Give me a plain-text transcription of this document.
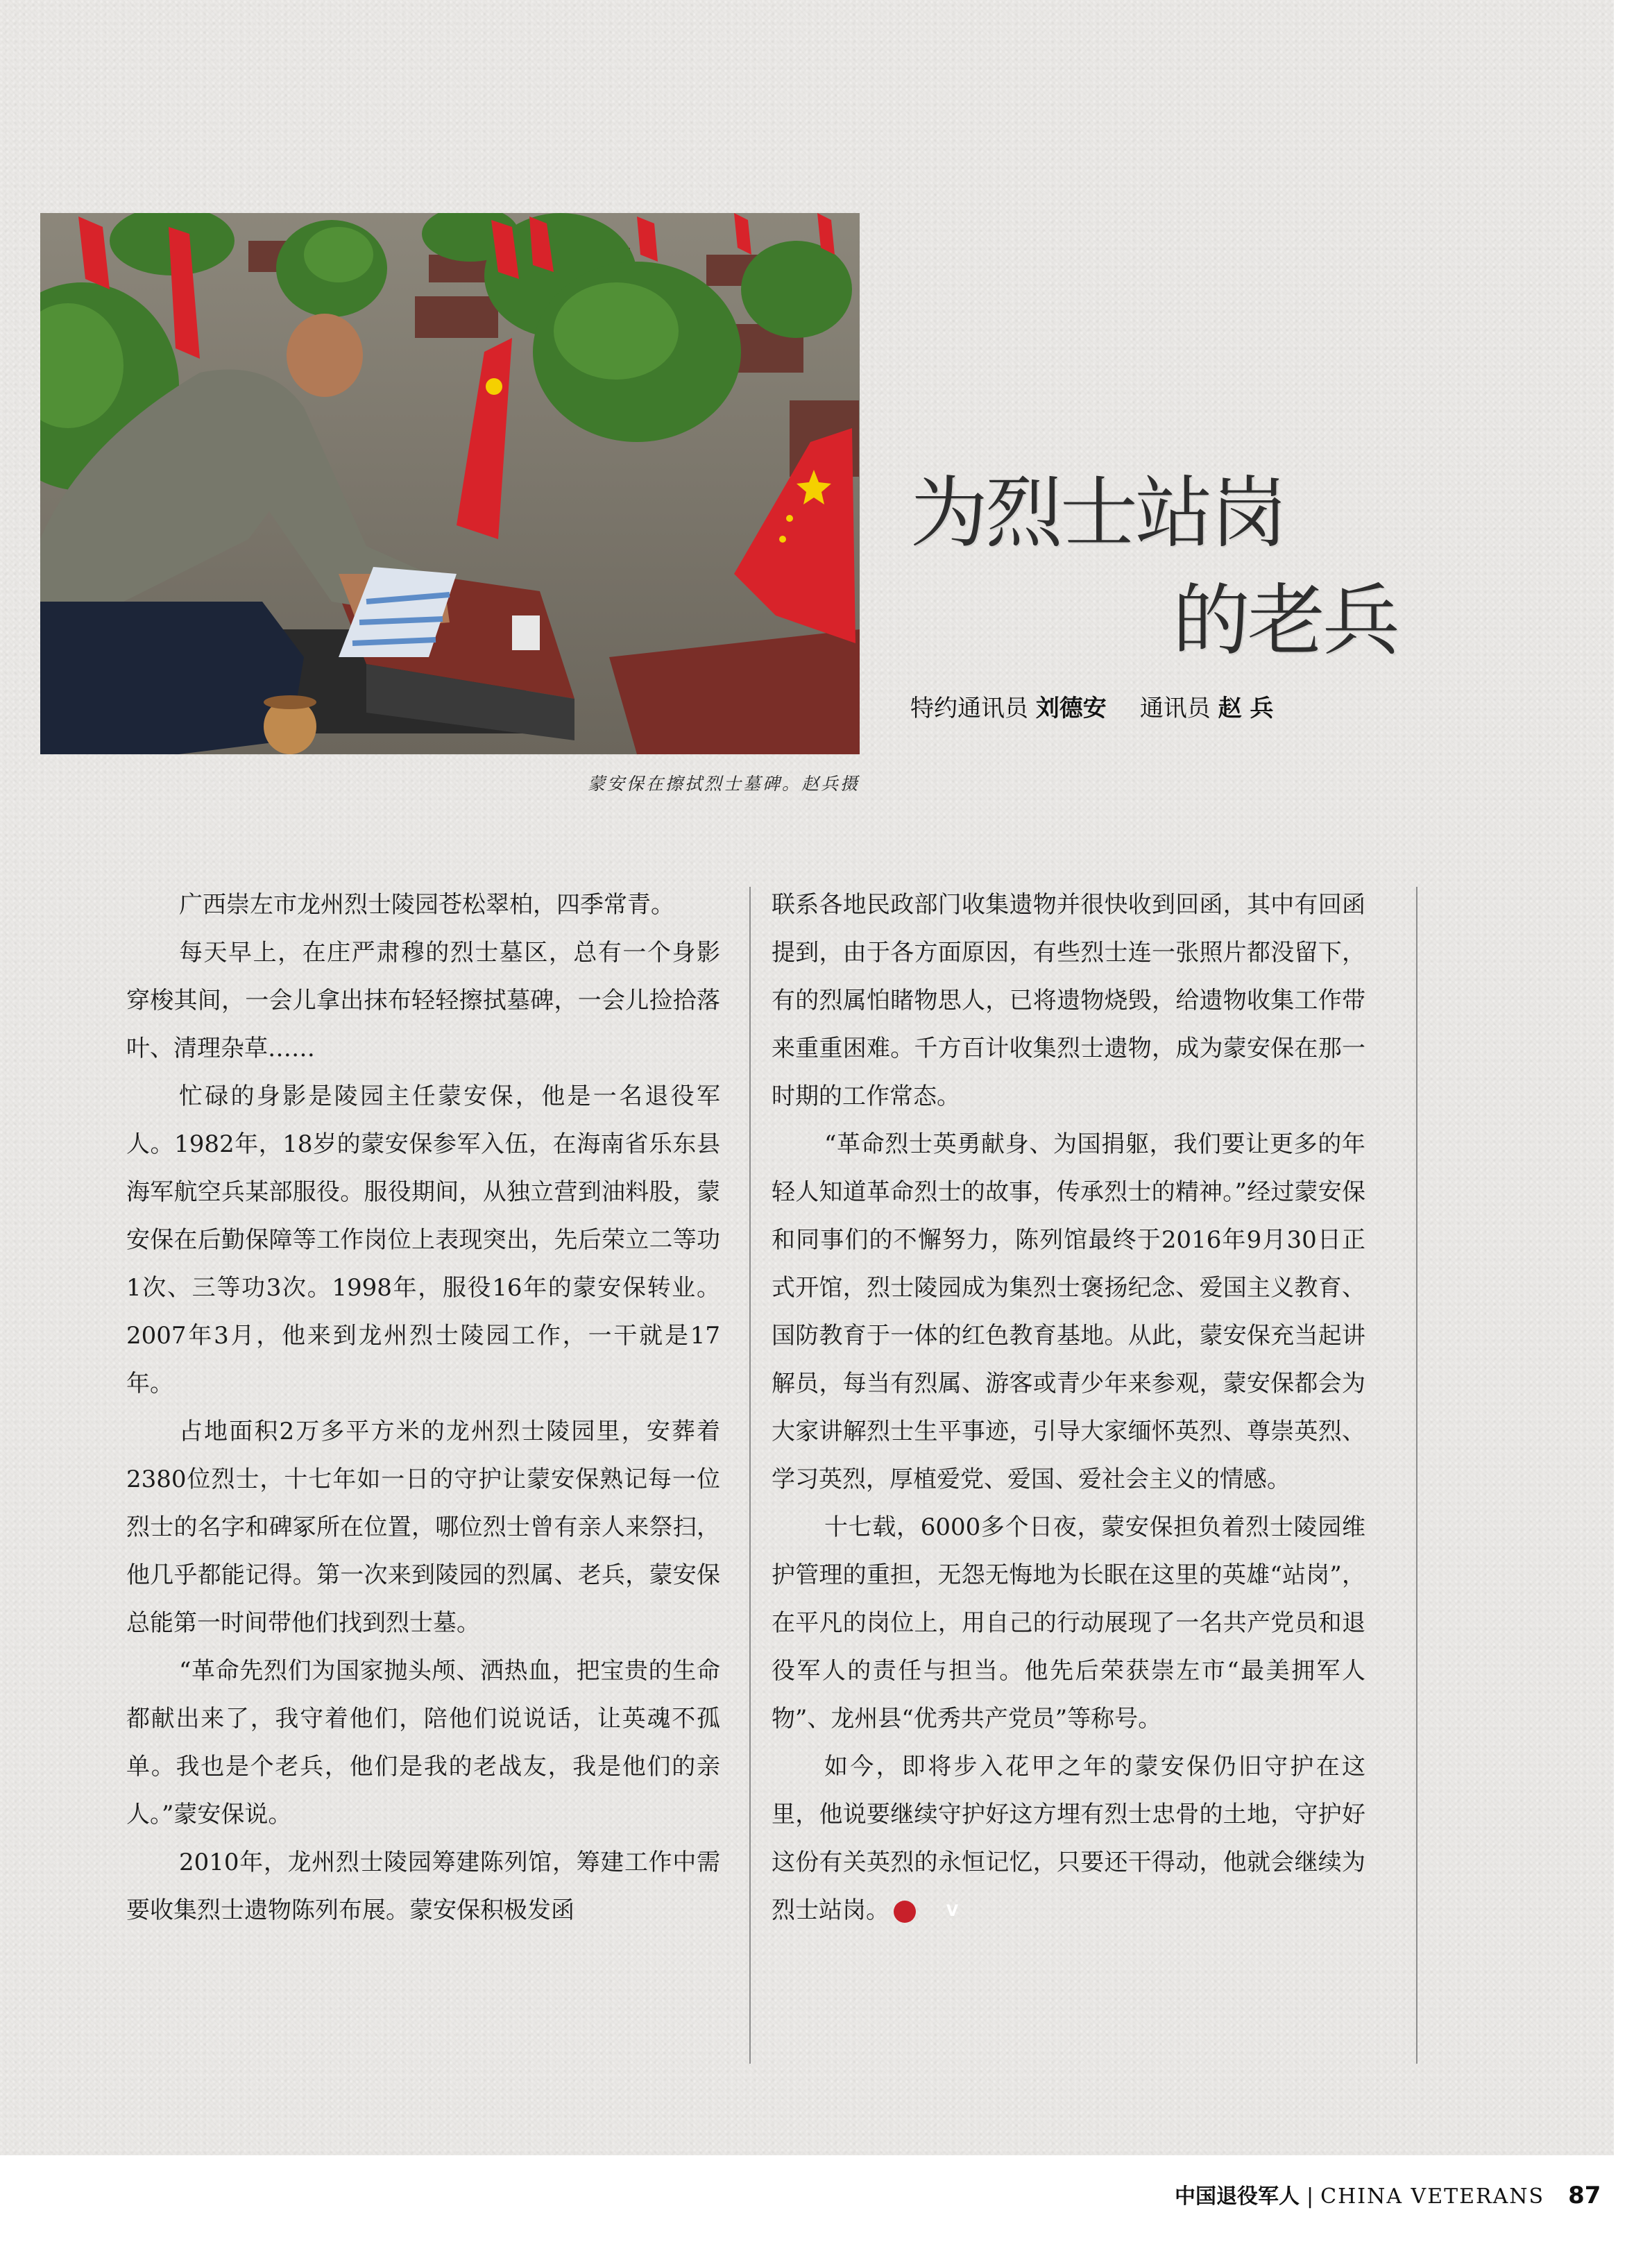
蒙安保在擦拭烈士墓碑。赵兵摄
为烈士站岗
的老兵
特约通讯员 刘德安 通讯员 赵 兵

广西崇左市龙州烈士陵园苍松翠柏，四季常青。

每天早上，在庄严肃穆的烈士墓区，总有一个身影穿梭其间，一会儿拿出抹布轻轻擦拭墓碑，一会儿捡拾落叶、清理杂草……

忙碌的身影是陵园主任蒙安保，他是一名退役军人。1982年，18岁的蒙安保参军入伍，在海南省乐东县海军航空兵某部服役。服役期间，从独立营到油料股，蒙安保在后勤保障等工作岗位上表现突出，先后荣立二等功1次、三等功3次。1998年，服役16年的蒙安保转业。2007年3月，他来到龙州烈士陵园工作，一干就是17年。

占地面积2万多平方米的龙州烈士陵园里，安葬着2380位烈士，十七年如一日的守护让蒙安保熟记每一位烈士的名字和碑冢所在位置，哪位烈士曾有亲人来祭扫，他几乎都能记得。第一次来到陵园的烈属、老兵，蒙安保总能第一时间带他们找到烈士墓。

“革命先烈们为国家抛头颅、洒热血，把宝贵的生命都献出来了，我守着他们，陪他们说说话，让英魂不孤单。我也是个老兵，他们是我的老战友，我是他们的亲人。”蒙安保说。

2010年，龙州烈士陵园筹建陈列馆，筹建工作中需要收集烈士遗物陈列布展。蒙安保积极发函

联系各地民政部门收集遗物并很快收到回函，其中有回函提到，由于各方面原因，有些烈士连一张照片都没留下，有的烈属怕睹物思人，已将遗物烧毁，给遗物收集工作带来重重困难。千方百计收集烈士遗物，成为蒙安保在那一时期的工作常态。

“革命烈士英勇献身、为国捐躯，我们要让更多的年轻人知道革命烈士的故事，传承烈士的精神。”经过蒙安保和同事们的不懈努力，陈列馆最终于2016年9月30日正式开馆，烈士陵园成为集烈士褒扬纪念、爱国主义教育、国防教育于一体的红色教育基地。从此，蒙安保充当起讲解员，每当有烈属、游客或青少年来参观，蒙安保都会为大家讲解烈士生平事迹，引导大家缅怀英烈、尊崇英烈、学习英烈，厚植爱党、爱国、爱社会主义的情感。

十七载，6000多个日夜，蒙安保担负着烈士陵园维护管理的重担，无怨无悔地为长眠在这里的英雄“站岗”，在平凡的岗位上，用自己的行动展现了一名共产党员和退役军人的责任与担当。他先后荣获崇左市“最美拥军人物”、龙州县“优秀共产党员”等称号。

如今，即将步入花甲之年的蒙安保仍旧守护在这里，他说要继续守护好这方埋有烈士忠骨的土地，守护好这份有关英烈的永恒记忆，只要还干得动，他就会继续为烈士站岗。	V

中国退役军人 | CHINA VETERANS 87
